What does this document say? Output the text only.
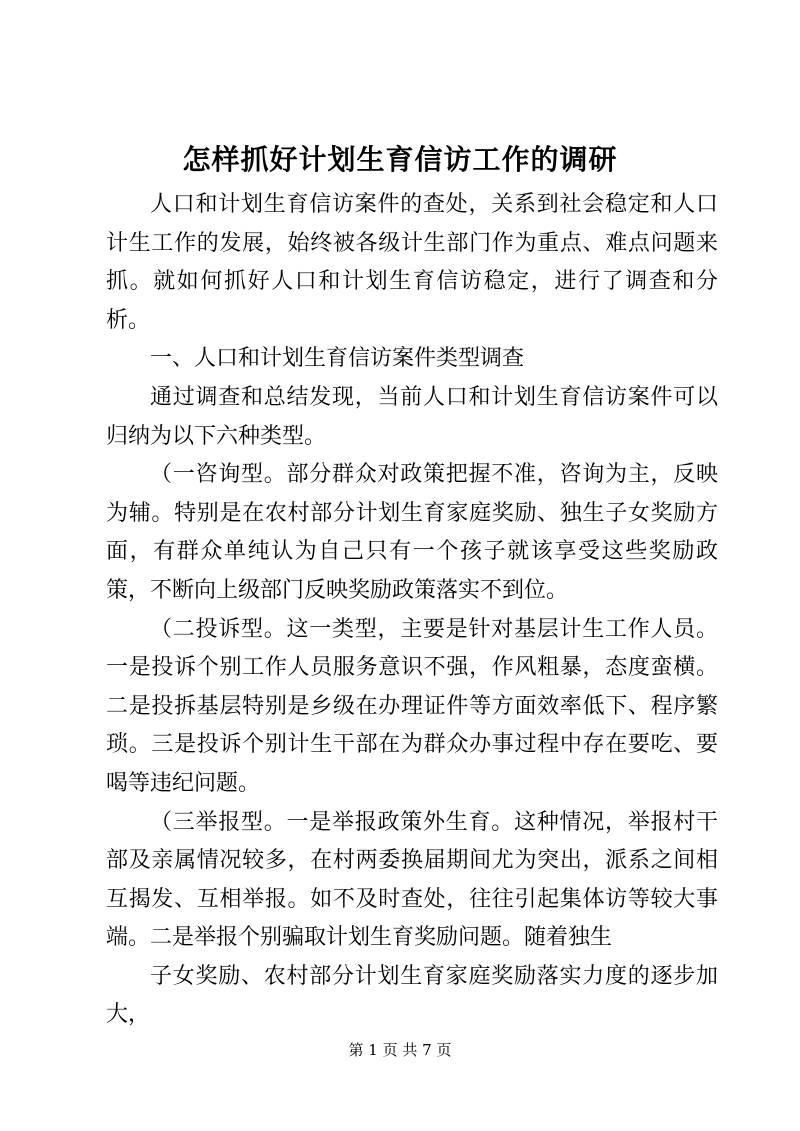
怎样抓好计划生育信访工作的调研

人口和计划生育信访案件的查处，关系到社会稳定和人口计生工作的发展，始终被各级计生部门作为重点、难点问题来抓。就如何抓好人口和计划生育信访稳定，进行了调查和分析。

一、人口和计划生育信访案件类型调查

通过调查和总结发现，当前人口和计划生育信访案件可以归纳为以下六种类型。

（一咨询型。部分群众对政策把握不准，咨询为主，反映为辅。特别是在农村部分计划生育家庭奖励、独生子女奖励方面，有群众单纯认为自己只有一个孩子就该享受这些奖励政策，不断向上级部门反映奖励政策落实不到位。

（二投诉型。这一类型，主要是针对基层计生工作人员。一是投诉个别工作人员服务意识不强，作风粗暴，态度蛮横。二是投拆基层特别是乡级在办理证件等方面效率低下、程序繁琐。三是投诉个别计生干部在为群众办事过程中存在要吃、要喝等违纪问题。

（三举报型。一是举报政策外生育。这种情况，举报村干部及亲属情况较多，在村两委换届期间尤为突出，派系之间相互揭发、互相举报。如不及时查处，往往引起集体访等较大事端。二是举报个别骗取计划生育奖励问题。随着独生

子女奖励、农村部分计划生育家庭奖励落实力度的逐步加大，

第 1 页 共 7 页
